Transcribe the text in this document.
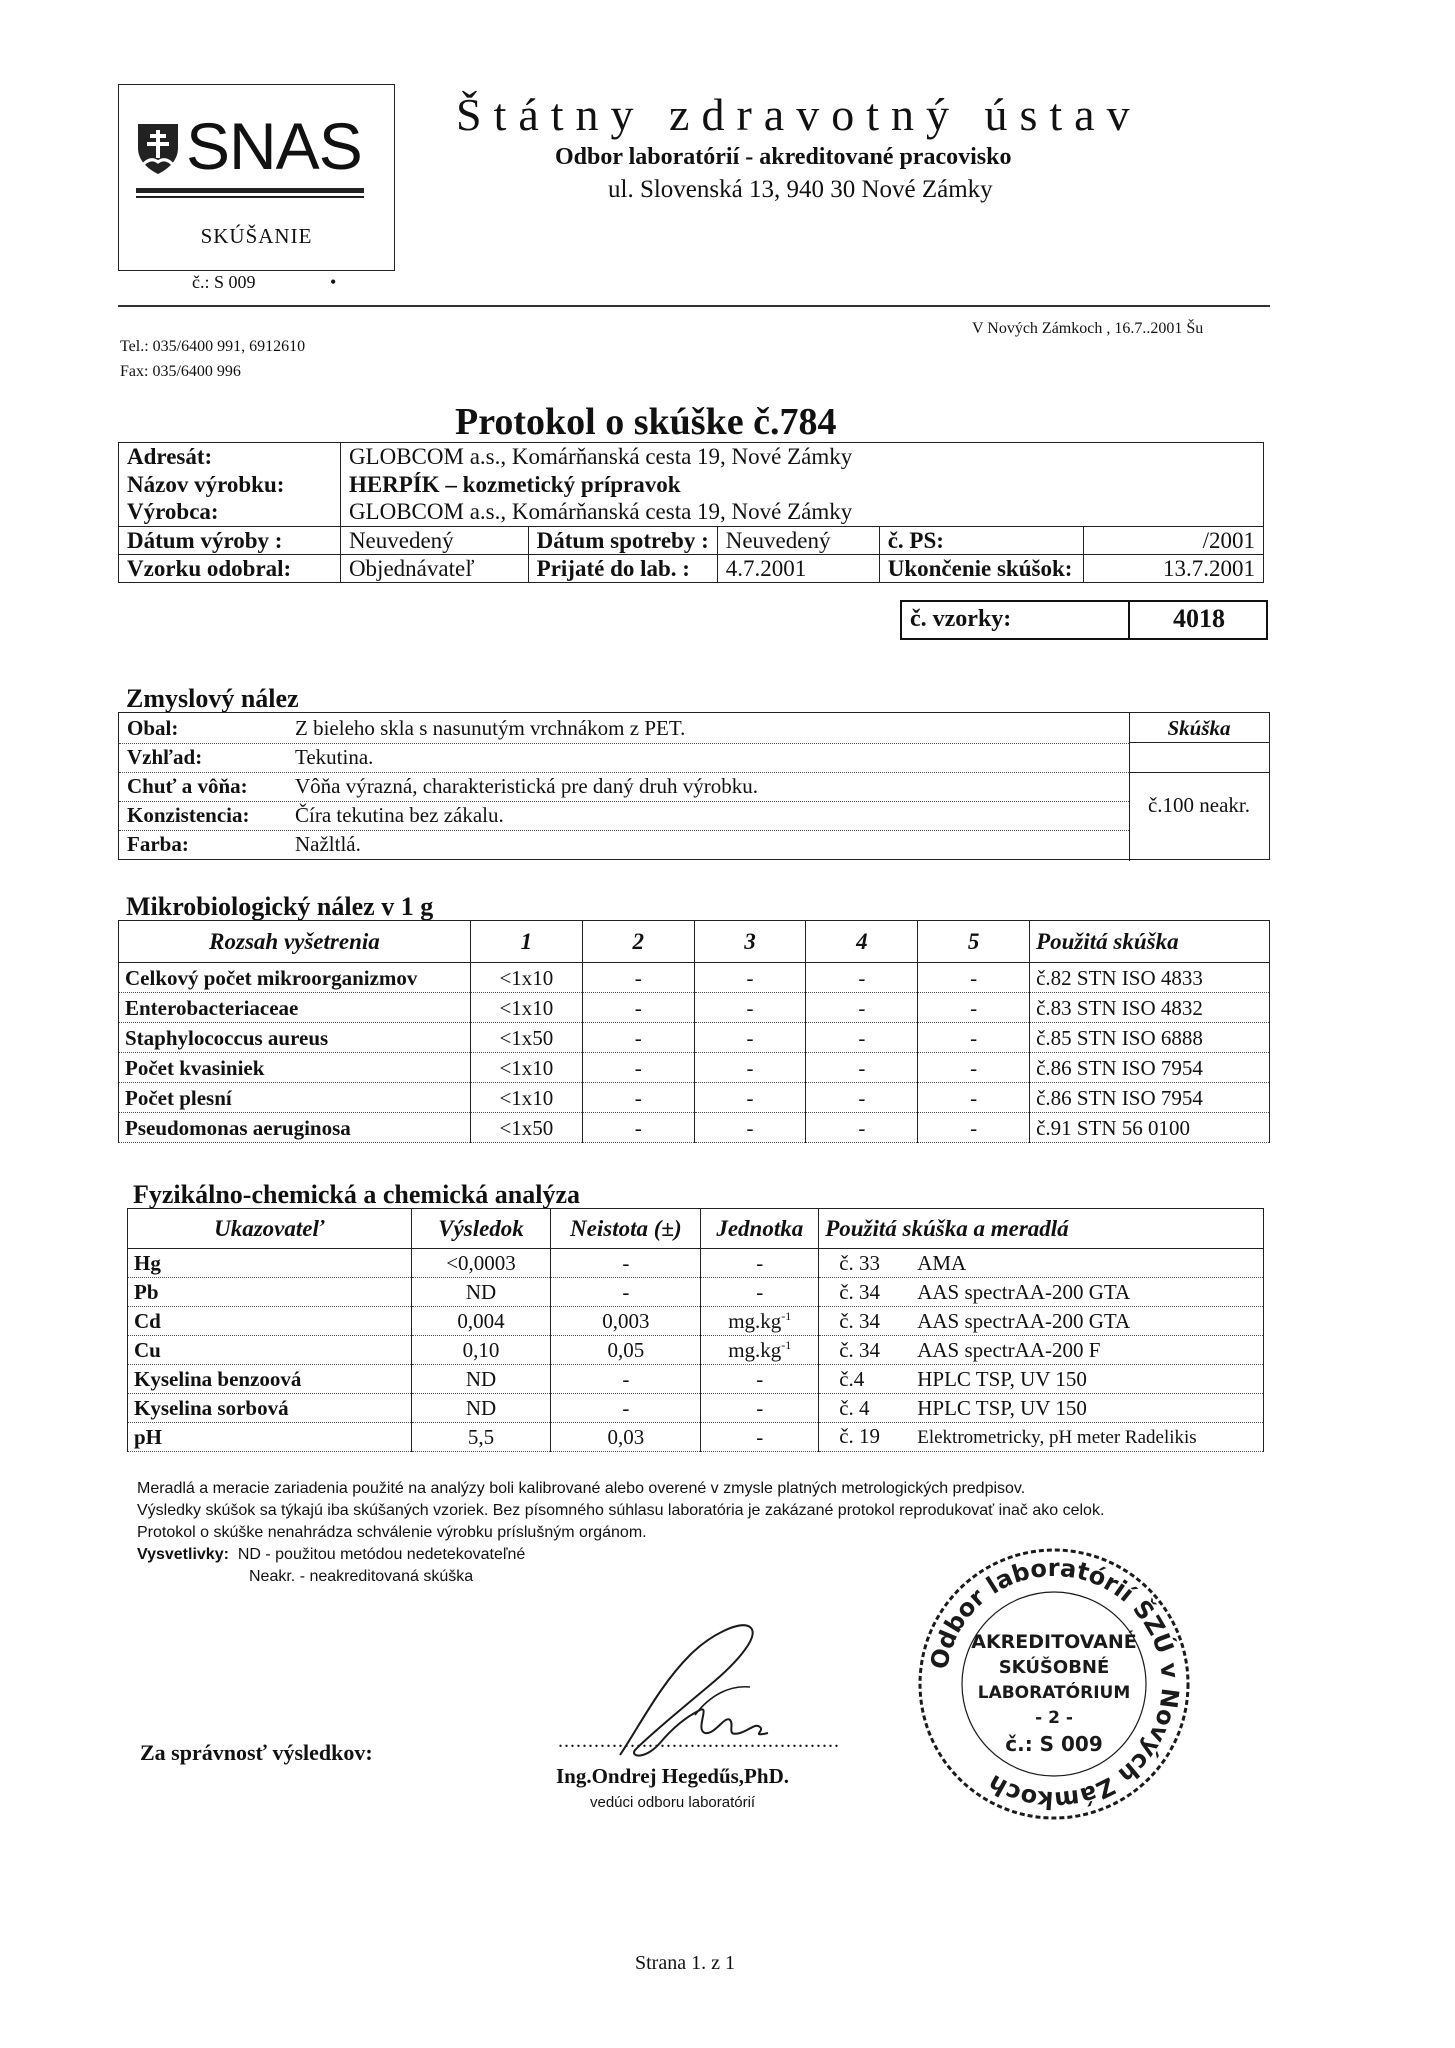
SNAS
SKÚŠANIE
č.: S 009	•
Štátny zdravotný ústav
Odbor laboratórií - akreditované pracovisko
ul. Slovenská 13, 940 30 Nové Zámky
Tel.: 035/6400 991, 6912610
Fax: 035/6400 996
V Nových Zámkoch , 16.7..2001 Šu
Protokol o skúške č.784
Adresát:	GLOBCOM a.s., Komárňanská cesta 19, Nové Zámky				
Názov výrobku:	HERPÍK – kozmetický prípravok				
Výrobca:	GLOBCOM a.s., Komárňanská cesta 19, Nové Zámky				
Dátum výroby :	Neuvedený	Dátum spotreby :	Neuvedený	č. PS:	/2001
Vzorku odobral:	Objednávateľ	Prijaté do lab. :	4.7.2001	Ukončenie skúšok:	13.7.2001
č. vzorky:	4018
Zmyslový nález
Obal:	Z bieleho skla s nasunutým vrchnákom z PET.
Vzhľad:	Tekutina.
Chuť a vôňa: Vôňa výrazná, charakteristická pre daný druh výrobku.
Konzistencia: Číra tekutina bez zákalu.
Farba:	Nažltlá.
Skúška
č.100 neakr.
Mikrobiologický nález v 1 g
Rozsah vyšetrenia	1	2	3	4	5	Použitá skúška
Celkový počet mikroorganizmov	<1x10	-	-	-	-	č.82 STN ISO 4833
Enterobacteriaceae	<1x10	-	-	-	-	č.83 STN ISO 4832
Staphylococcus aureus	<1x50	-	-	-	-	č.85 STN ISO 6888
Počet kvasiniek	<1x10	-	-	-	-	č.86 STN ISO 7954
Počet plesní	<1x10	-	-	-	-	č.86 STN ISO 7954
Pseudomonas aeruginosa	<1x50	-	-	-	-	č.91 STN 56 0100
Fyzikálno-chemická a chemická analýza
Ukazovateľ	Výsledok	Neistota (±)	Jednotka	Použitá skúška a meradlá
Hg	<0,0003	-	-	č. 33 AMA
Pb	ND	-	-	č. 34 AAS spectrAA-200 GTA
Cd	0,004	0,003	$mg.kg^{-1}$	č. 34 AAS spectrAA-200 GTA
Cu	0,10	0,05	$mg.kg^{-1}$	č. 34 AAS spectrAA-200 F
Kyselina benzoová	ND	-	-	č.4 HPLC TSP, UV 150
Kyselina sorbová	ND	-	-	č. 4 HPLC TSP, UV 150
pH	5,5	0,03	-	č. 19 Elektrometricky, pH meter Radelikis
Meradlá a meracie zariadenia použité na analýzy boli kalibrované alebo overené v zmysle platných metrologických predpisov.
Výsledky skúšok sa týkajú iba skúšaných vzoriek. Bez písomného súhlasu laboratória je zakázané protokol reprodukovať inač ako celok.
Protokol o skúške nenahrádza schválenie výrobku príslušným orgánom.
Vysvetlivky: ND - použitou metódou nedetekovateľné
Neakr. - neakreditovaná skúška
Za správnosť výsledkov:	...............................................
Ing.Ondrej Hegedűs,PhD.
vedúci odboru laboratórií
Odbor laboratórií ŠZÚ v Nových Zámkoch
AKREDITOVANÉ
SKÚŠOBNÉ
LABORATÓRIUM
- 2 -
č.: S 009
Strana 1. z 1
